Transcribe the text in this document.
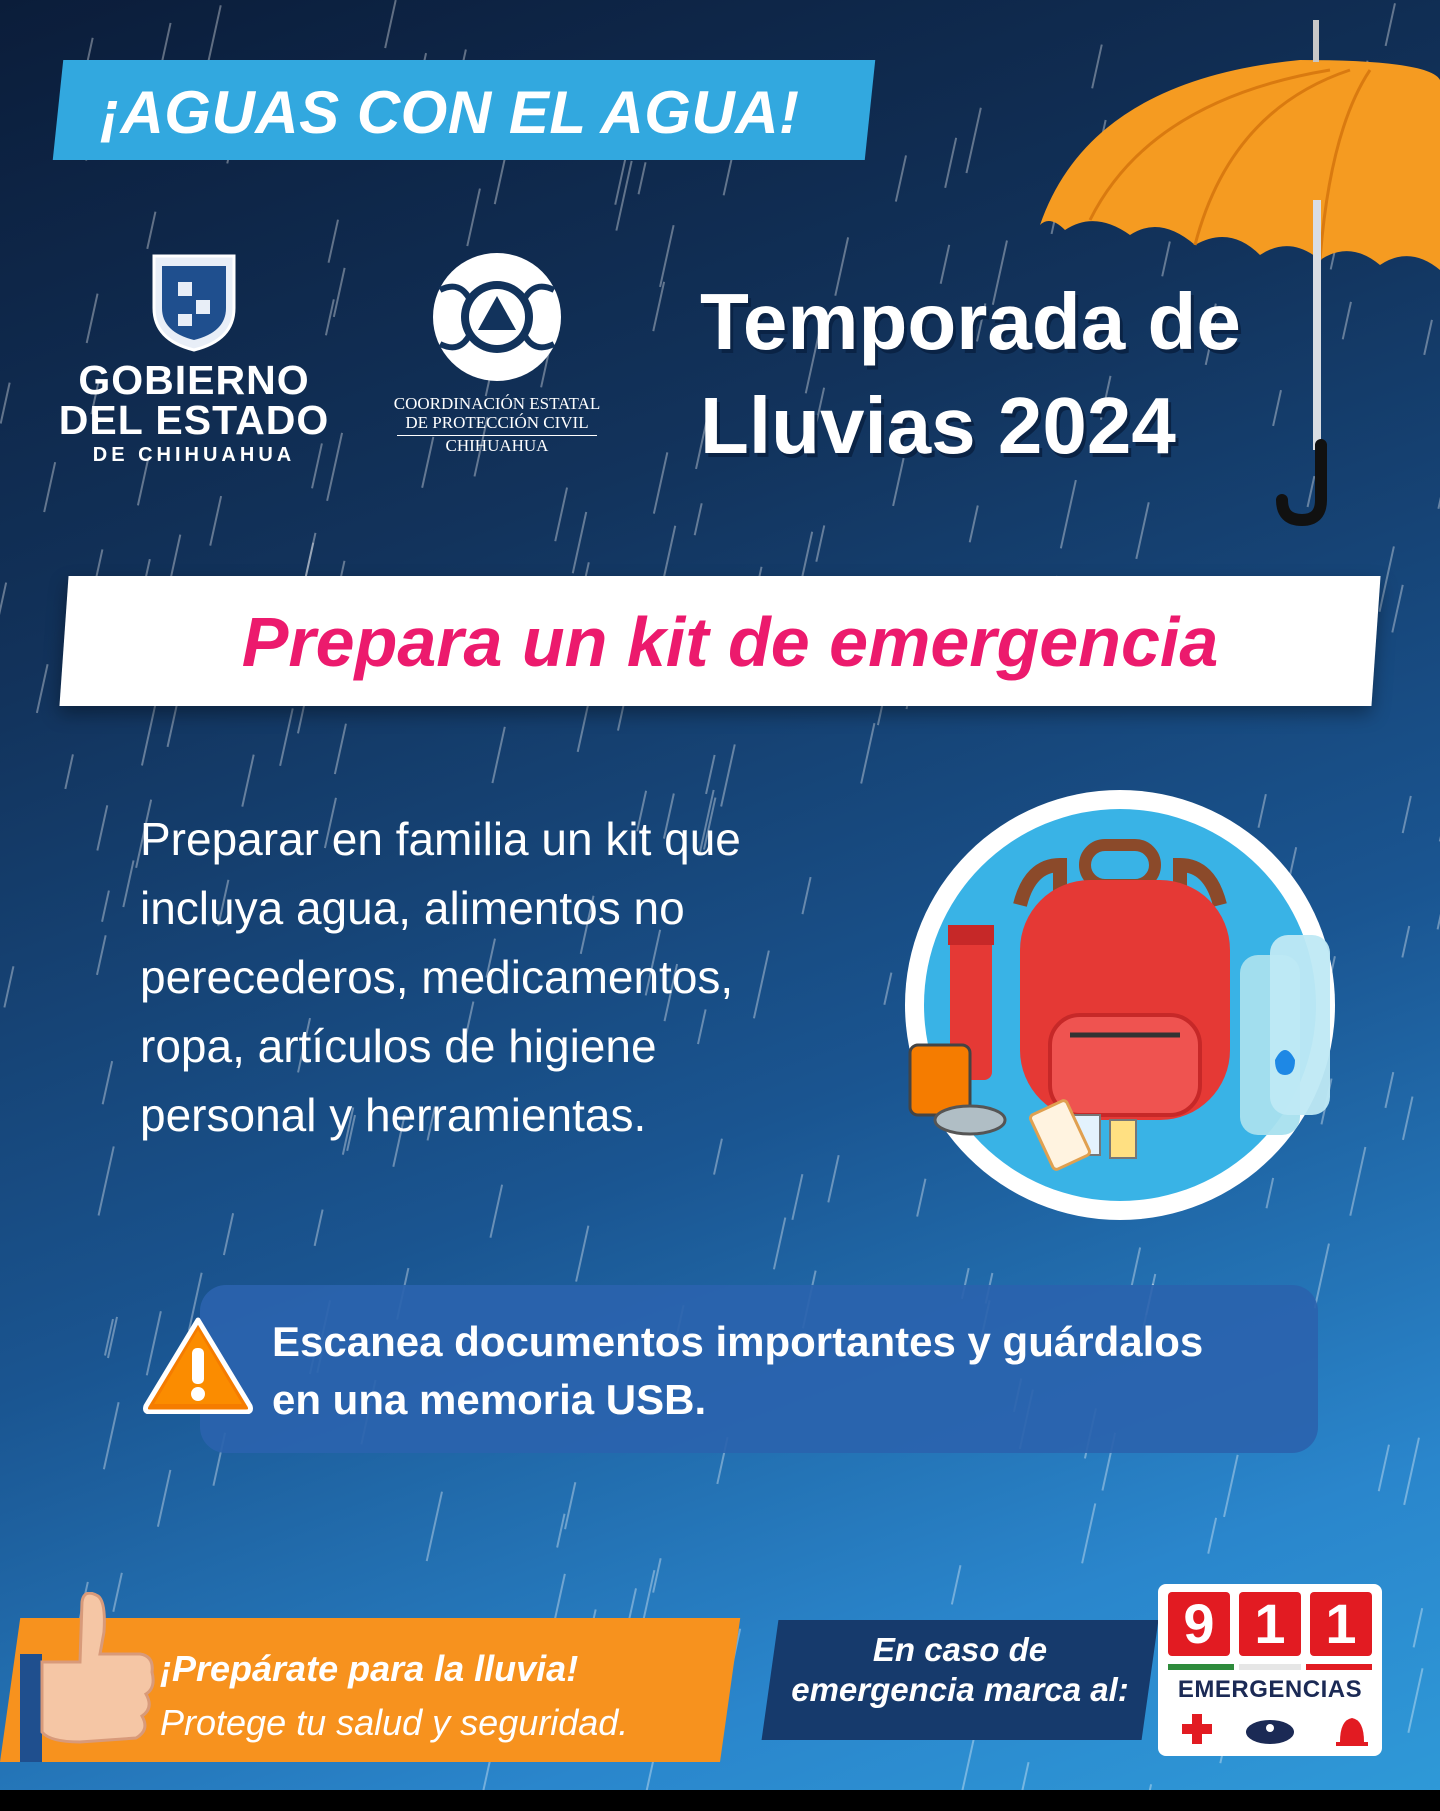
¡AGUAS CON EL AGUA!
GOBIERNO
DEL ESTADO
DE CHIHUAHUA
COORDINACIÓN ESTATAL
DE PROTECCIÓN CIVIL
CHIHUAHUA
Temporada de
Lluvias 2024
Prepara un kit de emergencia
Preparar en familia un kit que
incluya agua, alimentos no
perecederos, medicamentos,
ropa, artículos de higiene
personal y herramientas.
Escanea documentos importantes y guárdalos
en una memoria USB.
¡Prepárate para la lluvia!
Protege tu salud y seguridad.
En caso de
emergencia marca al:
9 1 1
EMERGENCIAS
